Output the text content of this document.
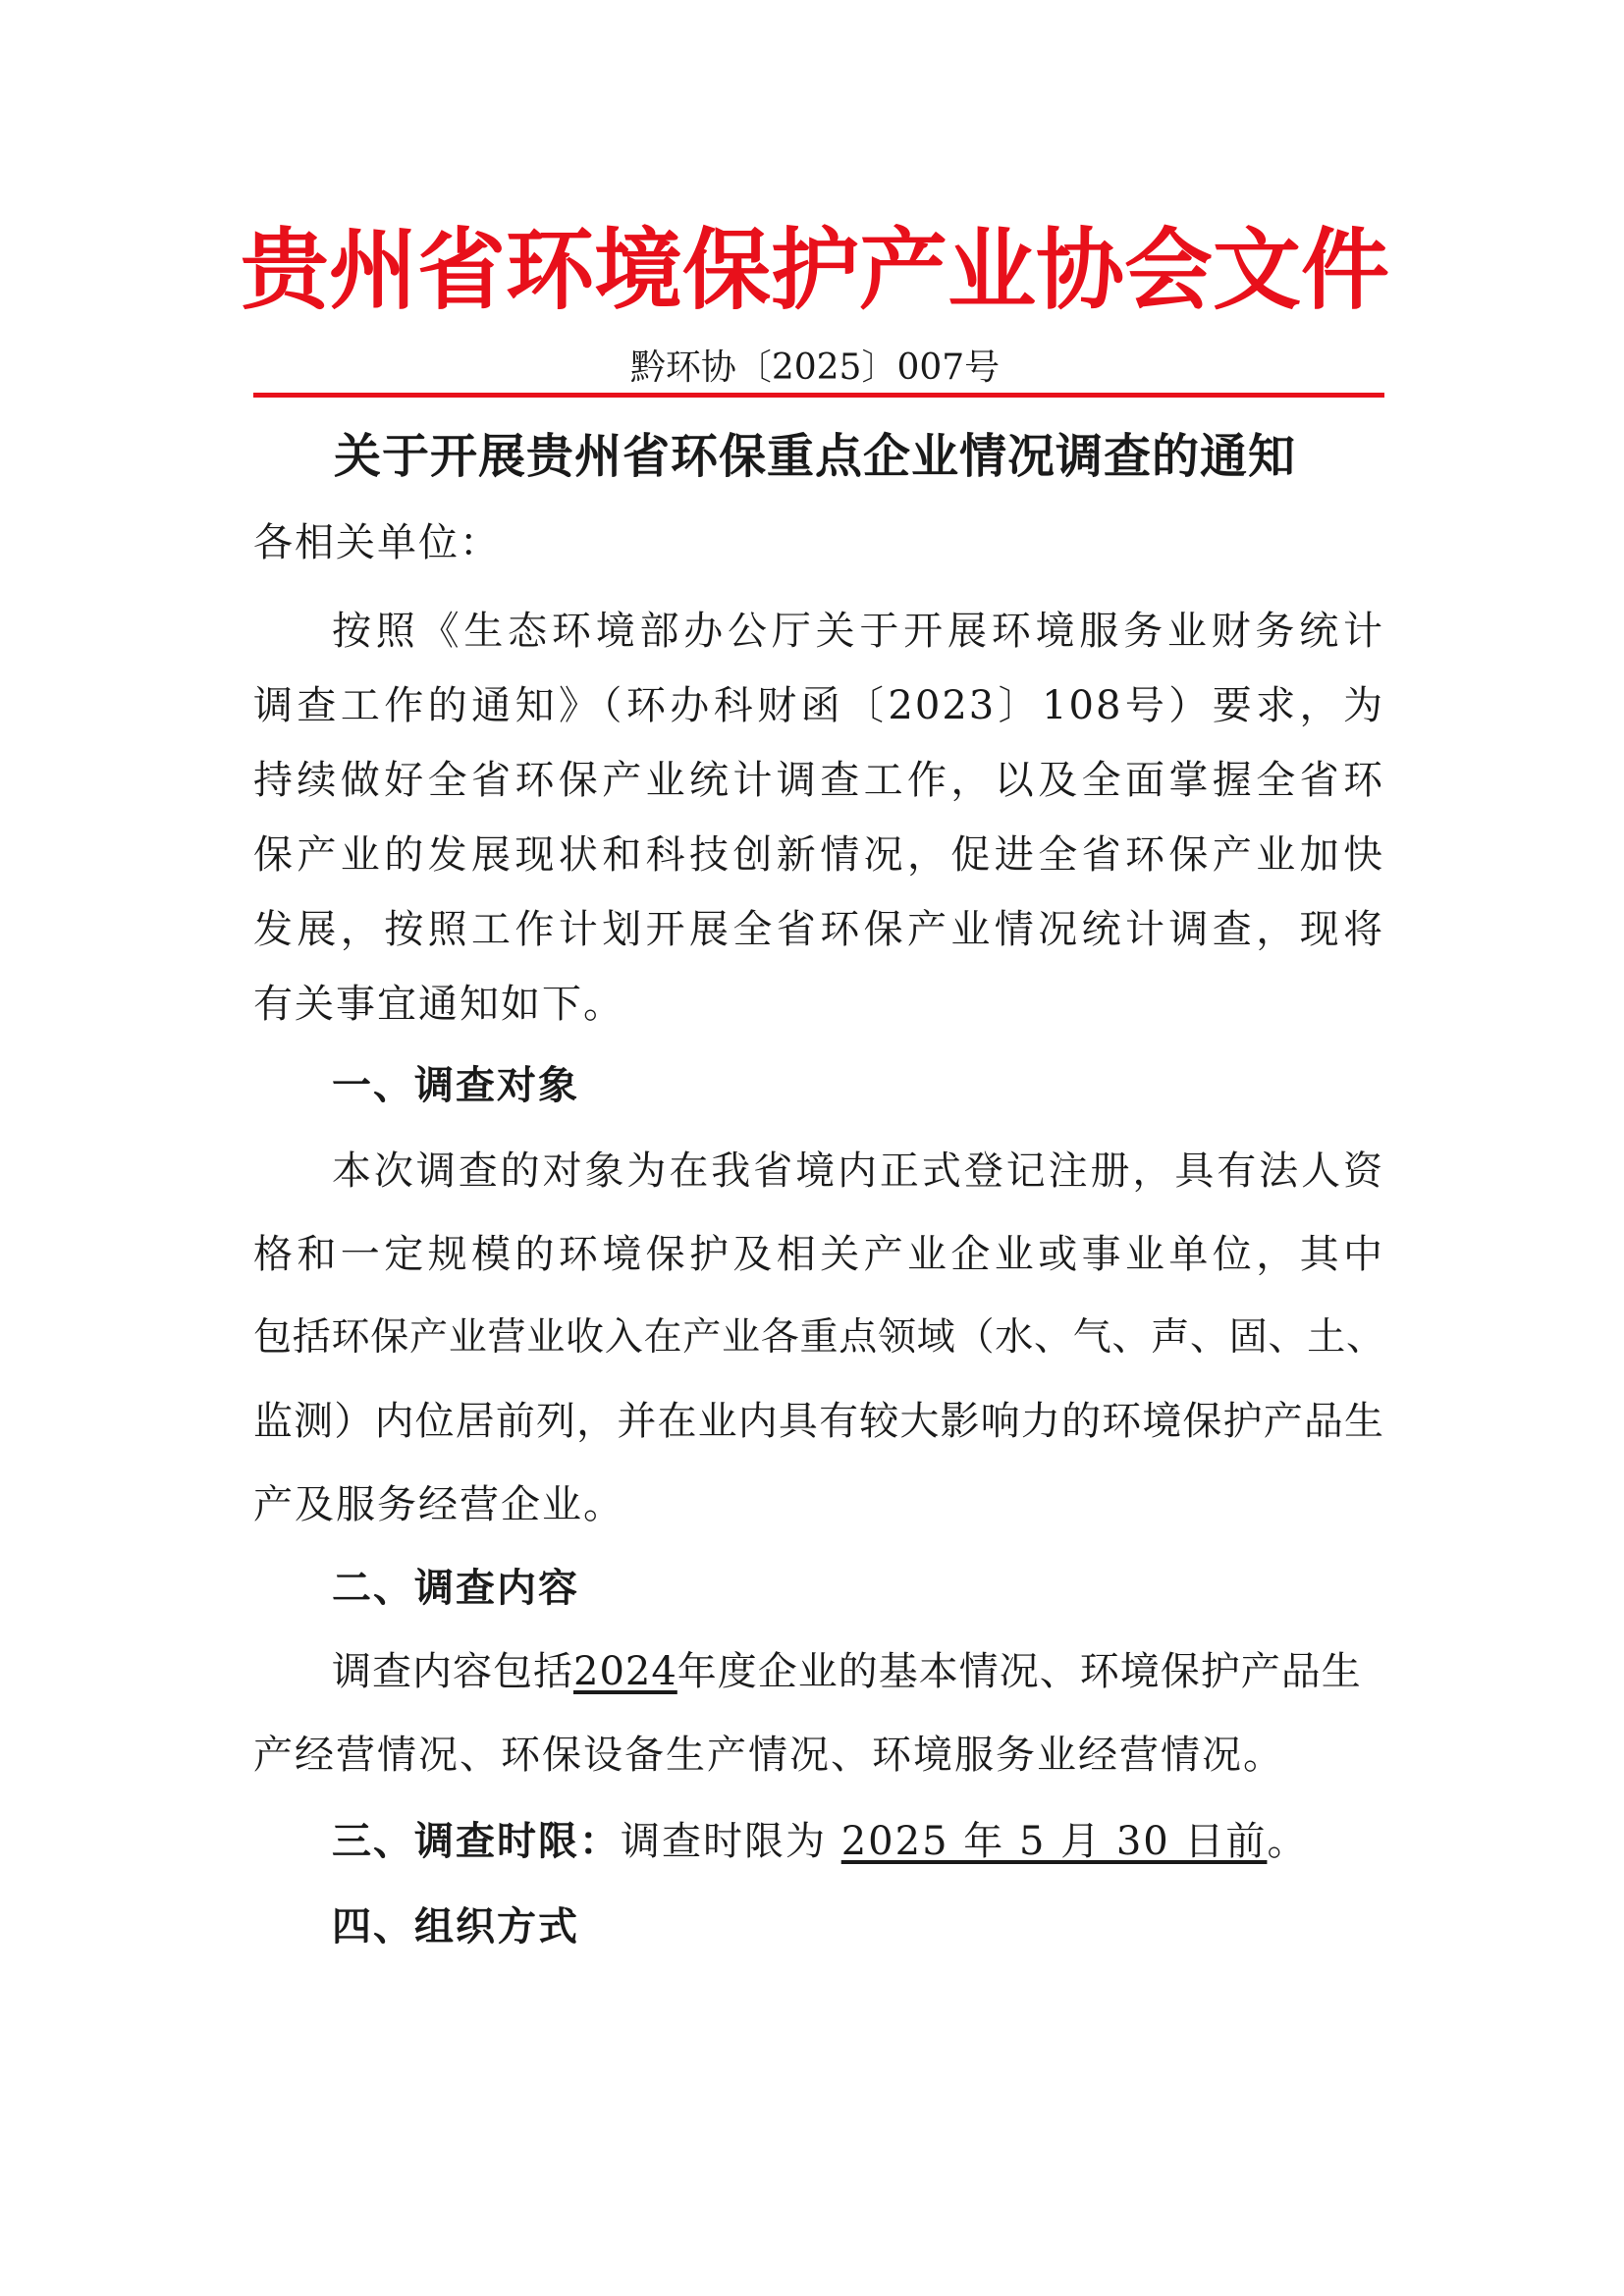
贵州省环境保护产业协会文件
黔环协〔2025〕007号
关于开展贵州省环保重点企业情况调查的通知
各相关单位：
按照《生态环境部办公厅关于开展环境服务业财务统计
调查工作的通知》（环办科财函〔2023〕108号）要求，为
持续做好全省环保产业统计调查工作，以及全面掌握全省环
保产业的发展现状和科技创新情况，促进全省环保产业加快
发展，按照工作计划开展全省环保产业情况统计调查，现将
有关事宜通知如下。
一、调查对象
本次调查的对象为在我省境内正式登记注册，具有法人资
格和一定规模的环境保护及相关产业企业或事业单位，其中
包括环保产业营业收入在产业各重点领域（水、气、声、固、土、
监测）内位居前列，并在业内具有较大影响力的环境保护产品生
产及服务经营企业。
二、调查内容
调查内容包括2024年度企业的基本情况、环境保护产品生
产经营情况、环保设备生产情况、环境服务业经营情况。
三、调查时限：调查时限为 2025 年 5 月 30 日前。
四、组织方式
